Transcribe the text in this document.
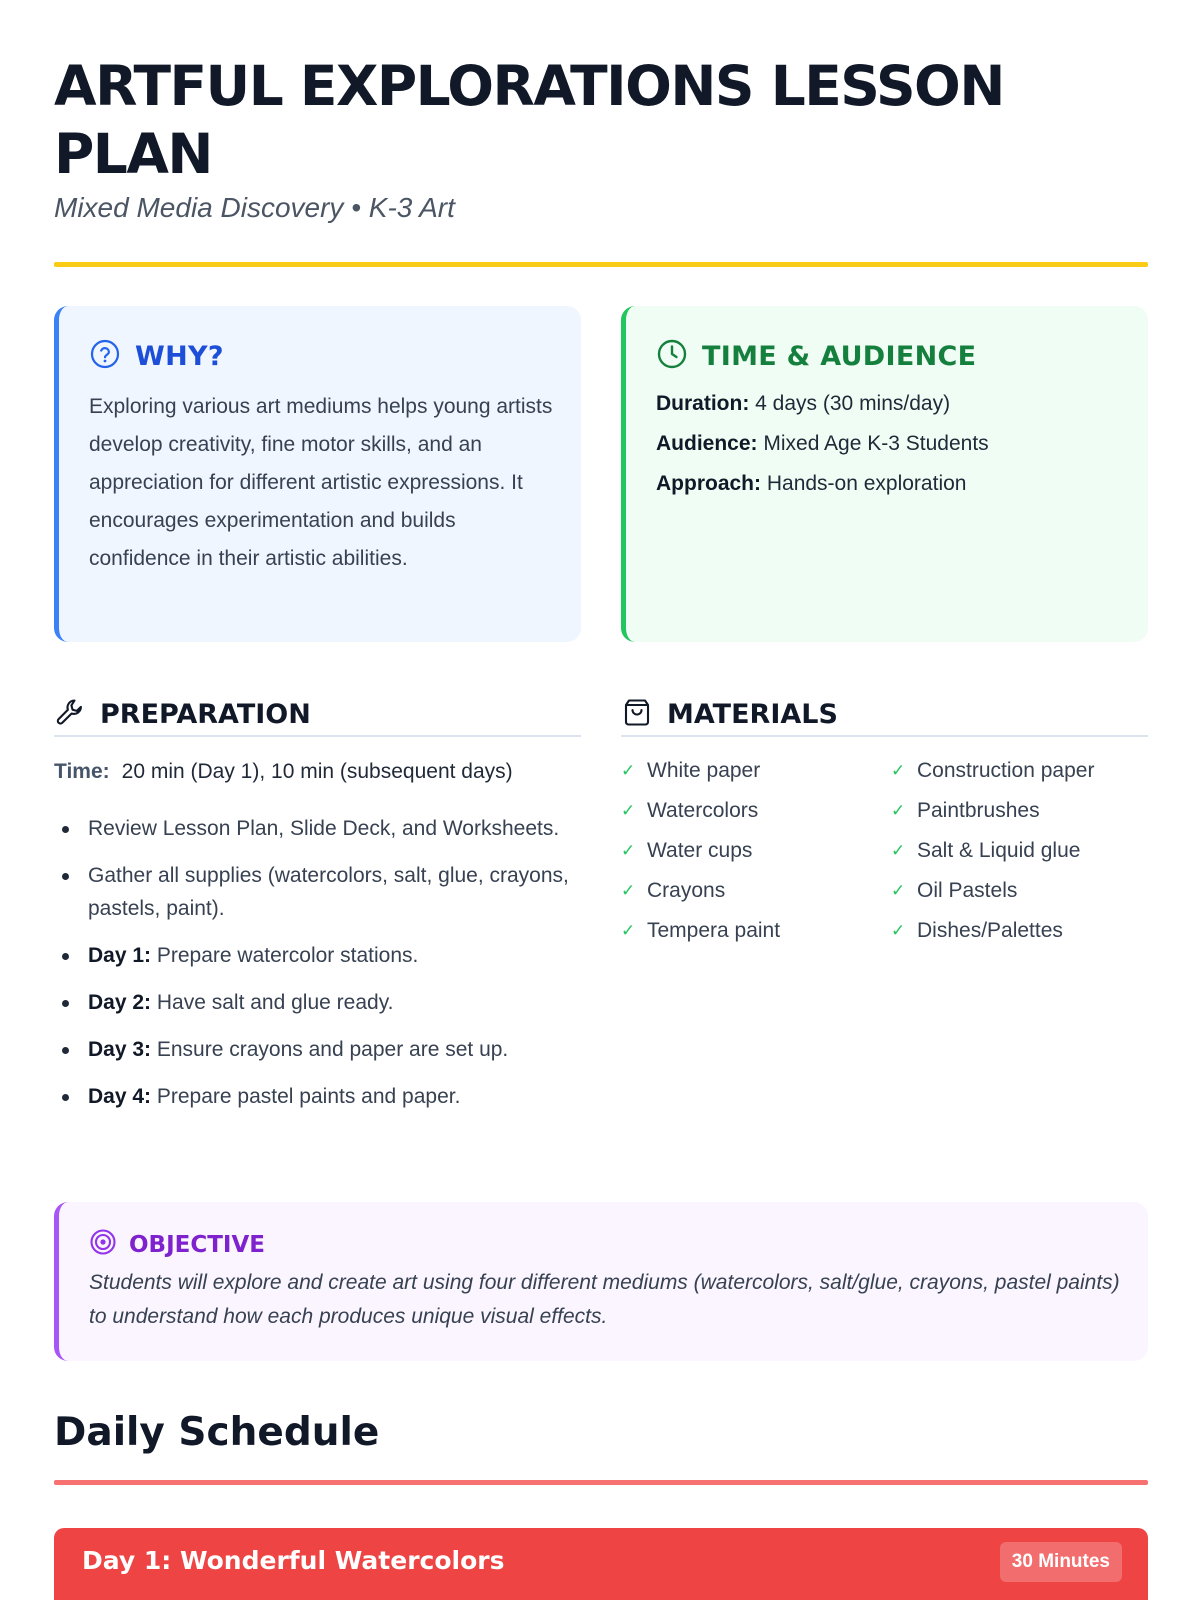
ARTFUL EXPLORATIONS LESSON PLAN
Mixed Media Discovery • K-3 Art
WHY?

Exploring various art mediums helps young artists develop creativity, fine motor skills, and an appreciation for different artistic expressions. It encourages experimentation and builds confidence in their artistic abilities.

TIME & AUDIENCE
Duration: 4 days (30 mins/day)
Audience: Mixed Age K-3 Students
Approach: Hands-on exploration
PREPARATION
Time: 20 min (Day 1), 10 min (subsequent days)
Review Lesson Plan, Slide Deck, and Worksheets.
Gather all supplies (watercolors, salt, glue, crayons, pastels, paint).
Day 1: Prepare watercolor stations.
Day 2: Have salt and glue ready.
Day 3: Ensure crayons and paper are set up.
Day 4: Prepare pastel paints and paper.
MATERIALS
✓ White paper	✓ Construction paper
✓ Watercolors	✓ Paintbrushes
✓ Water cups	✓ Salt & Liquid glue
✓ Crayons	✓ Oil Pastels
✓ Tempera paint	✓ Dishes/Palettes
OBJECTIVE

Students will explore and create art using four different mediums (watercolors, salt/glue, crayons, pastel paints) to understand how each produces unique visual effects.

Daily Schedule
Day 1: Wonderful Watercolors	30 Minutes
